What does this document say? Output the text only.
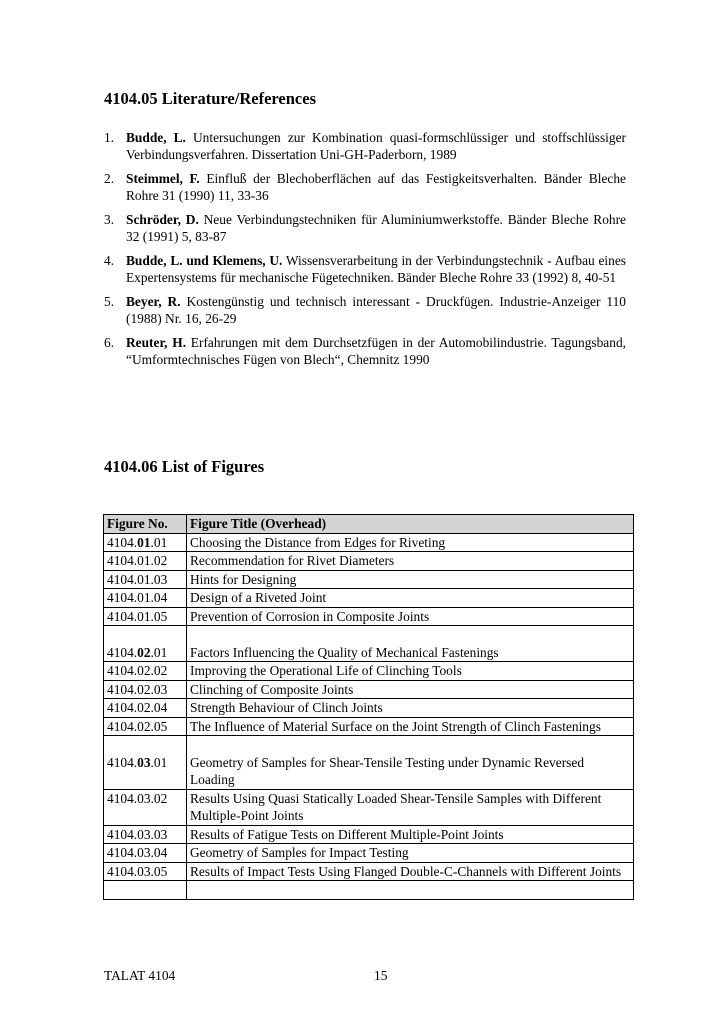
4104.05 Literature/References
1. Budde, L. Untersuchungen zur Kombination quasi-formschlüssiger und stoffschlüssiger Verbindungsverfahren. Dissertation Uni-GH-Paderborn, 1989
2. Steimmel, F. Einfluß der Blechoberflächen auf das Festigkeitsverhalten. Bänder Bleche Rohre 31 (1990) 11, 33-36
3. Schröder, D. Neue Verbindungstechniken für Aluminiumwerkstoffe. Bänder Bleche Rohre 32 (1991) 5, 83-87
4. Budde, L. und Klemens, U. Wissensverarbeitung in der Verbindungstechnik - Aufbau eines Expertensystems für mechanische Fügetechniken. Bänder Bleche Rohre 33 (1992) 8, 40-51
5. Beyer, R. Kostengünstig und technisch interessant - Druckfügen. Industrie-Anzeiger 110 (1988) Nr. 16, 26-29
6. Reuter, H. Erfahrungen mit dem Durchsetzfügen in der Automobilindustrie. Tagungsband, “Umformtechnisches Fügen von Blech“, Chemnitz 1990
4104.06 List of Figures
Figure No.	Figure Title (Overhead)
4104.01.01	Choosing the Distance from Edges for Riveting
4104.01.02	Recommendation for Rivet Diameters
4104.01.03	Hints for Designing
4104.01.04	Design of a Riveted Joint
4104.01.05	Prevention of Corrosion in Composite Joints

4104.02.01	Factors Influencing the Quality of Mechanical Fastenings
4104.02.02	Improving the Operational Life of Clinching Tools
4104.02.03	Clinching of Composite Joints
4104.02.04	Strength Behaviour of Clinch Joints
4104.02.05	The Influence of Material Surface on the Joint Strength of Clinch Fastenings

4104.03.01	Geometry of Samples for Shear-Tensile Testing under Dynamic Reversed Loading
4104.03.02	Results Using Quasi Statically Loaded Shear-Tensile Samples with Different Multiple-Point Joints
4104.03.03	Results of Fatigue Tests on Different Multiple-Point Joints
4104.03.04	Geometry of Samples for Impact Testing
4104.03.05	Results of Impact Tests Using Flanged Double-C-Channels with Different Joints

TALAT 4104	15
